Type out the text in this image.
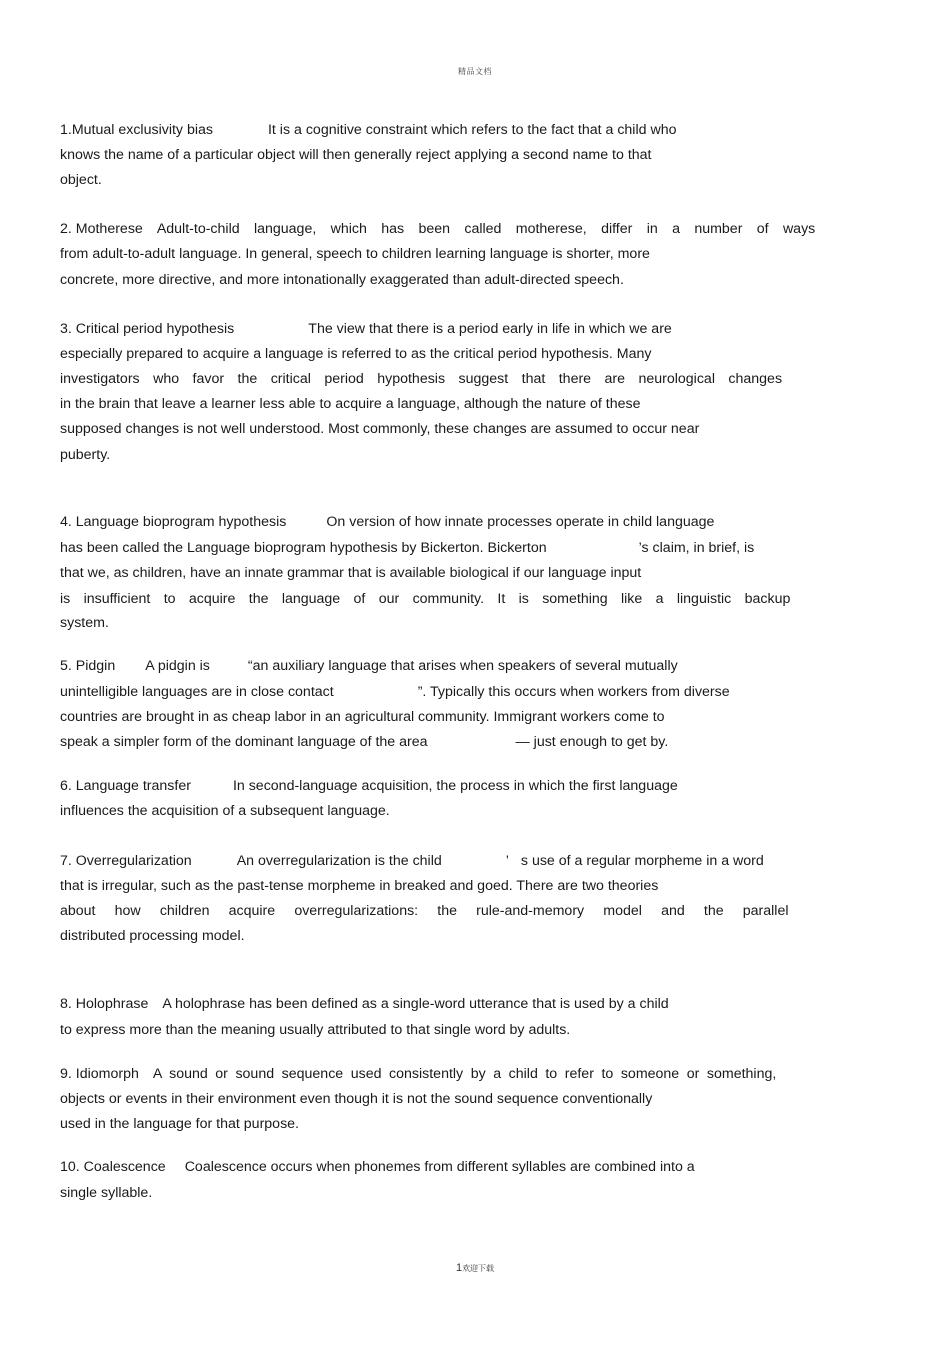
精品文档
1.Mutual exclusivity bias	It is a cognitive constraint which refers to the fact that a child who
knows the name of a particular object will then generally reject applying a second name to that
object.
2. Motherese Adult-to-child language, which has been called motherese, differ in a number of ways
from adult-to-adult language. In general, speech to children learning language is shorter, more
concrete, more directive, and more intonationally exaggerated than adult-directed speech.
3. Critical period hypothesis	The view that there is a period early in life in which we are
especially prepared to acquire a language is referred to as the critical period hypothesis. Many
investigators who favor the critical period hypothesis suggest that there are neurological changes
in the brain that leave a learner less able to acquire a language, although the nature of these
supposed changes is not well understood. Most commonly, these changes are assumed to occur near
puberty.
4. Language bioprogram hypothesis	On version of how innate processes operate in child language
has been called the Language bioprogram hypothesis by Bickerton. Bickerton	’s claim, in brief, is
that we, as children, have an innate grammar that is available biological if our language input
is insufficient to acquire the language of our community. It is something like a linguistic backup
system.
5. Pidgin A pidgin is	“an auxiliary language that arises when speakers of several mutually
unintelligible languages are in close contact	”. Typically this occurs when workers from diverse
countries are brought in as cheap labor in an agricultural community. Immigrant workers come to
speak a simpler form of the dominant language of the area	— just enough to get by.
6. Language transfer	In second-language acquisition, the process in which the first language
influences the acquisition of a subsequent language.
7. Overregularization	An overregularization is the child	’ s use of a regular morpheme in a word
that is irregular, such as the past-tense morpheme in breaked and goed. There are two theories
about how children acquire overregularizations: the rule-and-memory model and the parallel
distributed processing model.
8. Holophrase A holophrase has been defined as a single-word utterance that is used by a child
to express more than the meaning usually attributed to that single word by adults.
9. Idiomorph A sound or sound sequence used consistently by a child to refer to someone or something,
objects or events in their environment even though it is not the sound sequence conventionally
used in the language for that purpose.
10. Coalescence Coalescence occurs when phonemes from different syllables are combined into a
single syllable.
1欢迎下载
